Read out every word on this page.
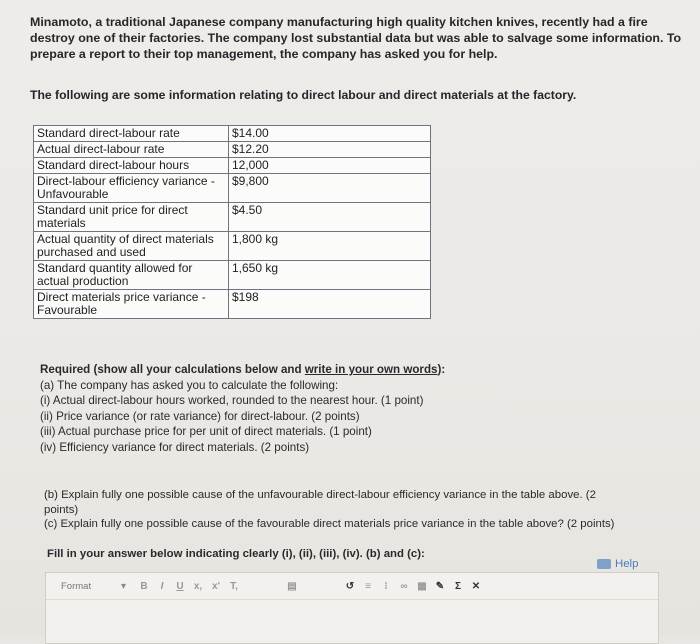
Minamoto, a traditional Japanese company manufacturing high quality kitchen knives, recently had a fire destroy one of their factories. The company lost substantial data but was able to salvage some information. To prepare a report to their top management, the company has asked you for help.
The following are some information relating to direct labour and direct materials at the factory.
Standard direct-labour rate	$14.00
Actual direct-labour rate	$12.20
Standard direct-labour hours	12,000
Direct-labour efficiency variance - Unfavourable	$9,800
Standard unit price for direct materials	$4.50
Actual quantity of direct materials purchased and used	1,800 kg
Standard quantity allowed for actual production	1,650 kg
Direct materials price variance - Favourable	$198
Required (show all your calculations below and write in your own words):
(a) The company has asked you to calculate the following:
(i) Actual direct-labour hours worked, rounded to the nearest hour. (1 point)
(ii) Price variance (or rate variance) for direct-labour. (2 points)
(iii) Actual purchase price for per unit of direct materials. (1 point)
(iv) Efficiency variance for direct materials. (2 points)
(b) Explain fully one possible cause of the unfavourable direct-labour efficiency variance in the table above. (2 points)
(c) Explain fully one possible cause of the favourable direct materials price variance in the table above? (2 points)
Fill in your answer below indicating clearly (i), (ii), (iii), (iv). (b) and (c):
Help
Format	▾	B	I	U	x, x'	T,	▤	↺	≡	⁝	∞ ▦ ✎	Σ	✕
